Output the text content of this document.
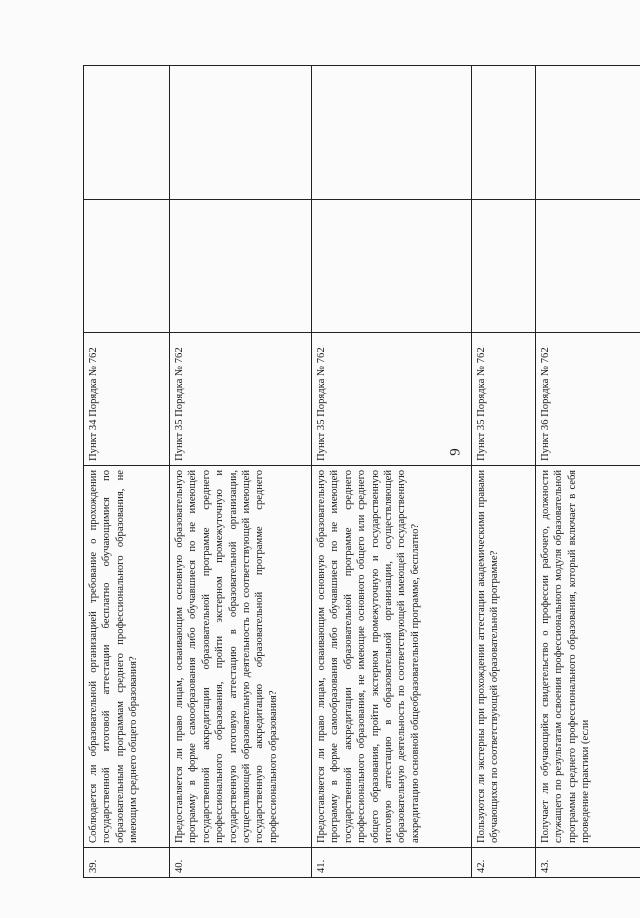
9
39.	Соблюдается ли образовательной организацией требование о прохождении государственной итоговой аттестации бесплатно обучающимися по образовательным программам среднего профессионального образования, не имеющим среднего общего образования?	Пункт 34 Порядка № 762		
40.	Предоставляется ли право лицам, осваивающим основную образовательную программу в форме самообразования либо обучавшиеся по не имеющей государственной аккредитации образовательной программе среднего профессионального образования, пройти экстерном промежуточную и государственную итоговую аттестацию в образовательной организации, осуществляющей образовательную деятельность по соответствующей имеющей государственную аккредитацию образовательной программе среднего профессионального образования?	Пункт 35 Порядка № 762		
41.	Предоставляется ли право лицам, осваивающим основную образовательную программу в форме самообразования либо обучавшиеся по не имеющей государственной аккредитации образовательной программе среднего профессионального образования, не имеющие основного общего или среднего общего образования, пройти экстерном промежуточную и государственную итоговую аттестацию в образовательной организации, осуществляющей образовательную деятельность по соответствующей имеющей государственную аккредитацию основной общеобразовательной программе, бесплатно?	Пункт 35 Порядка № 762		
42.	Пользуются ли экстерны при прохождении аттестации академическими правами обучающихся по соответствующей образовательной программе?	Пункт 35 Порядка № 762		
43.	Получает ли обучающийся свидетельство о профессии рабочего, должности служащего по результатам освоения профессионального модуля образовательной программы среднего профессионального образования, который включает в себя проведение практики (если	Пункт 36 Порядка № 762		
